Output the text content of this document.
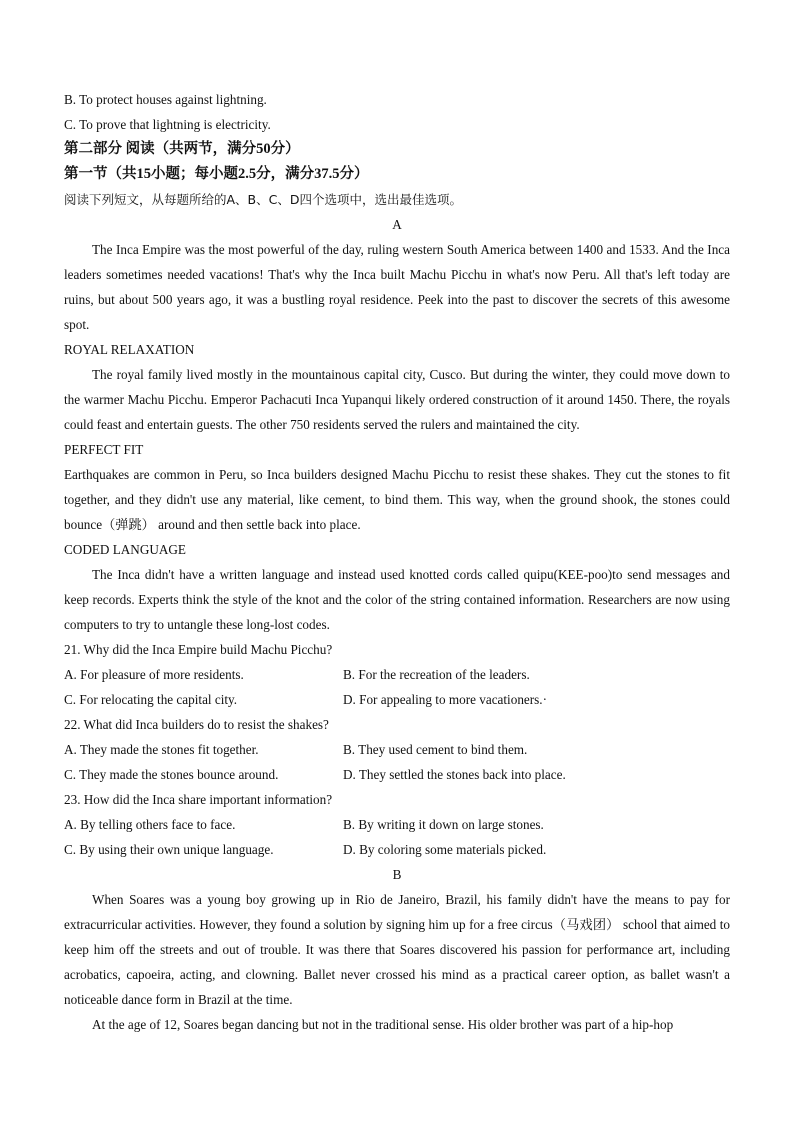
B. To protect houses against lightning.
C. To prove that lightning is electricity.
第二部分 阅读（共两节，满分50分）
第一节（共15小题；每小题2.5分，满分37.5分）
阅读下列短文，从每题所给的A、B、C、D四个选项中，选出最佳选项。
A
The Inca Empire was the most powerful of the day, ruling western South America between 1400 and 1533. And the Inca leaders sometimes needed vacations! That's why the Inca built Machu Picchu in what's now Peru. All that's left today are ruins, but about 500 years ago, it was a bustling royal residence. Peek into the past to discover the secrets of this awesome spot.
ROYAL RELAXATION
The royal family lived mostly in the mountainous capital city, Cusco. But during the winter, they could move down to the warmer Machu Picchu. Emperor Pachacuti Inca Yupanqui likely ordered construction of it around 1450. There, the royals could feast and entertain guests. The other 750 residents served the rulers and maintained the city.
PERFECT FIT
Earthquakes are common in Peru, so Inca builders designed Machu Picchu to resist these shakes. They cut the stones to fit together, and they didn't use any material, like cement, to bind them. This way, when the ground shook, the stones could bounce（弹跳） around and then settle back into place.
CODED LANGUAGE
The Inca didn't have a written language and instead used knotted cords called quipu(KEE-poo)to send messages and keep records. Experts think the style of the knot and the color of the string contained information. Researchers are now using computers to try to untangle these long-lost codes.
21. Why did the Inca Empire build Machu Picchu?
A. For pleasure of more residents.	B. For the recreation of the leaders.
C. For relocating the capital city.	D. For appealing to more vacationers.·
22. What did Inca builders do to resist the shakes?
A. They made the stones fit together.	B. They used cement to bind them.
C. They made the stones bounce around.	D. They settled the stones back into place.
23. How did the Inca share important information?
A. By telling others face to face.	B. By writing it down on large stones.
C. By using their own unique language.	D. By coloring some materials picked.
B
When Soares was a young boy growing up in Rio de Janeiro, Brazil, his family didn't have the means to pay for extracurricular activities. However, they found a solution by signing him up for a free circus（马戏团） school that aimed to keep him off the streets and out of trouble. It was there that Soares discovered his passion for performance art, including acrobatics, capoeira, acting, and clowning. Ballet never crossed his mind as a practical career option, as ballet wasn't a noticeable dance form in Brazil at the time.
At the age of 12, Soares began dancing but not in the traditional sense. His older brother was part of a hip-hop
